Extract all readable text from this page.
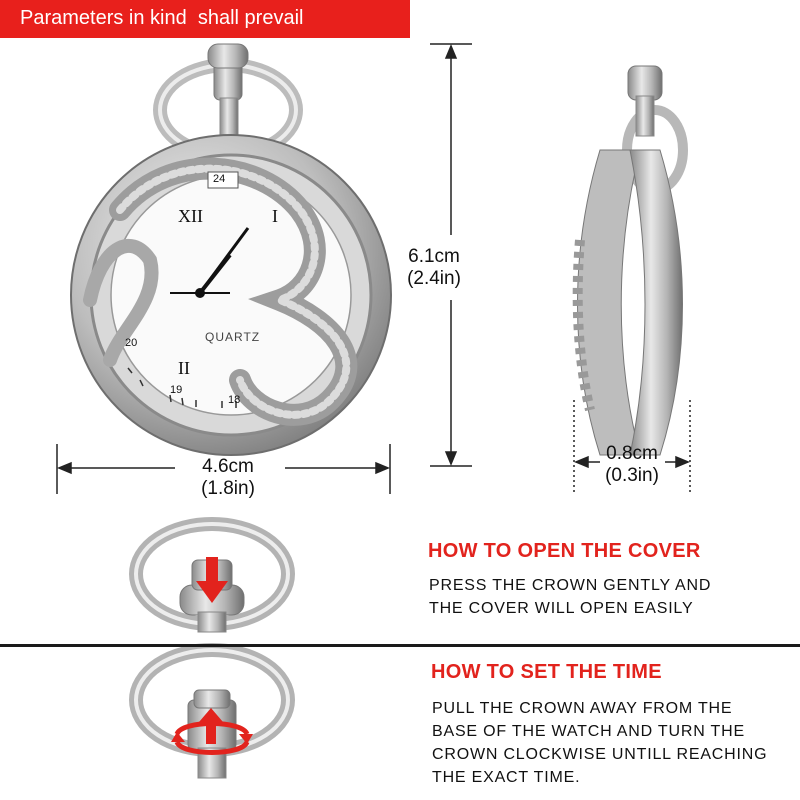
Parameters in kind  shall prevail
24
QUARTZ
XII	I
II
20
19
18
6.1cm
(2.4in)
4.6cm
(1.8in)
0.8cm
(0.3in)
HOW TO OPEN THE COVER
PRESS THE CROWN GENTLY AND
THE COVER WILL OPEN EASILY
HOW TO SET THE TIME
PULL THE CROWN AWAY FROM THE
BASE OF THE WATCH AND TURN THE
CROWN CLOCKWISE UNTILL REACHING
THE EXACT TIME.
